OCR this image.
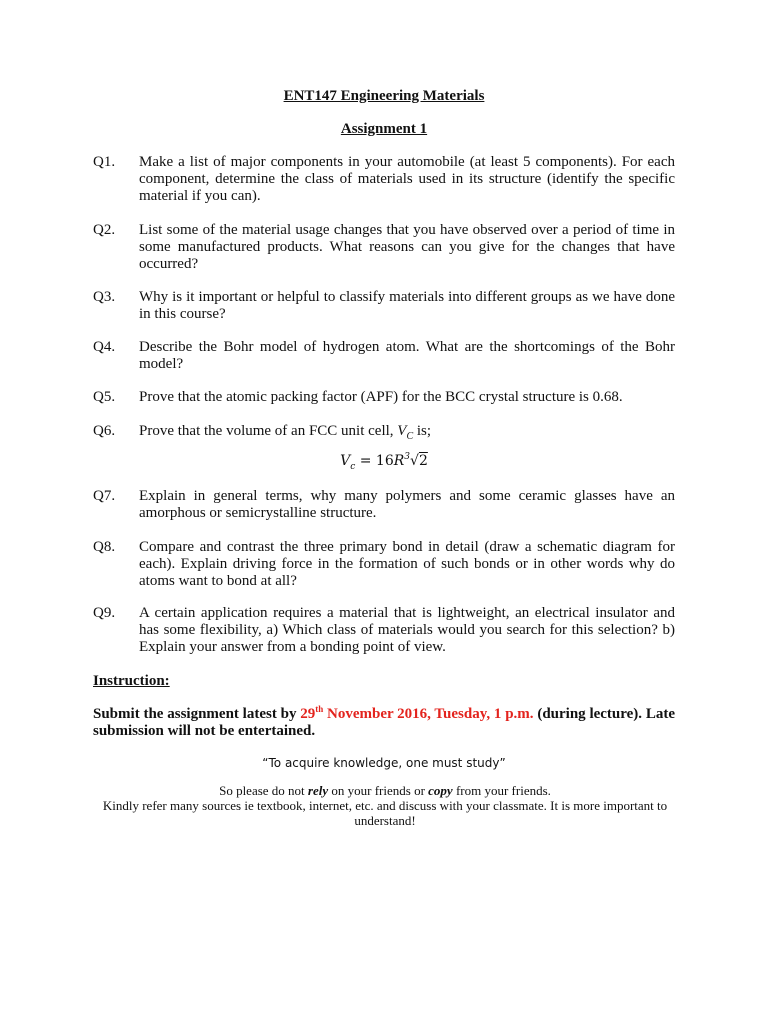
ENT147 Engineering Materials
Assignment 1
Q1.	Make a list of major components in your automobile (at least 5 components). For each component, determine the class of materials used in its structure (identify the specific material if you can).
Q2.	List some of the material usage changes that you have observed over a period of time in some manufactured products. What reasons can you give for the changes that have occurred?
Q3.	Why is it important or helpful to classify materials into different groups as we have done in this course?
Q4.	Describe the Bohr model of hydrogen atom. What are the shortcomings of the Bohr model?
Q5.	Prove that the atomic packing factor (APF) for the BCC crystal structure is 0.68.
Q6.	Prove that the volume of an FCC unit cell, $V_C$ is;
$V_c = 16R^3√2$
Q7.	Explain in general terms, why many polymers and some ceramic glasses have an amorphous or semicrystalline structure.
Q8.	Compare and contrast the three primary bond in detail (draw a schematic diagram for each). Explain driving force in the formation of such bonds or in other words why do atoms want to bond at all?
Q9.	A certain application requires a material that is lightweight, an electrical insulator and has some flexibility, a) Which class of materials would you search for this selection? b) Explain your answer from a bonding point of view.
Instruction:
Submit the assignment latest by 29th November 2016, Tuesday, 1 p.m. (during lecture). Late submission will not be entertained.
“To acquire knowledge, one must study”
So please do not rely on your friends or copy from your friends.
Kindly refer many sources ie textbook, internet, etc. and discuss with your classmate. It is more important to understand!
